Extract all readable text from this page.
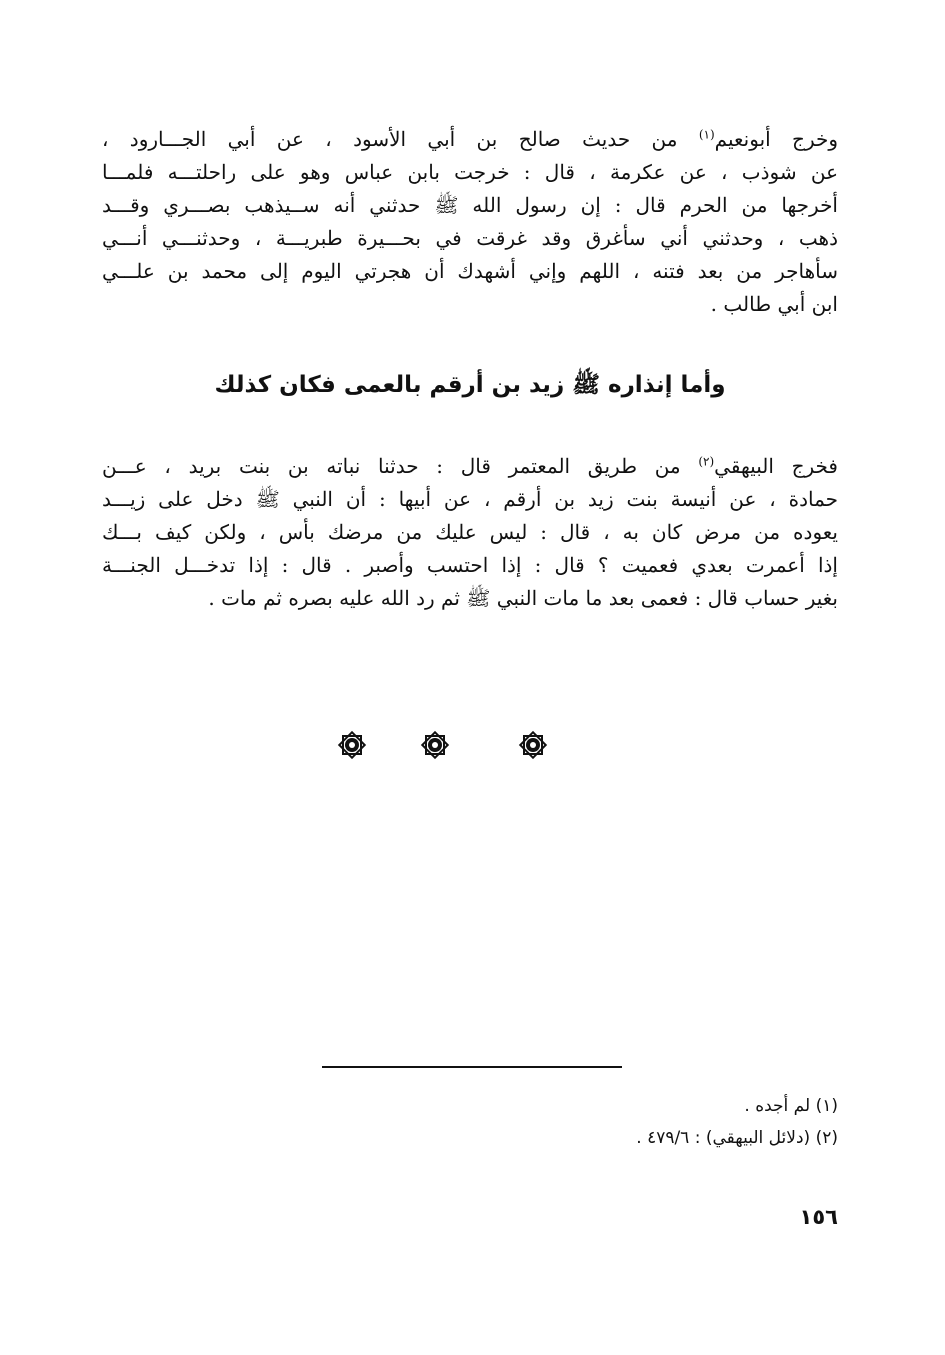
وخرج أبونعيم$^{(١)}$ من حديث صالح بن أبي الأسود ، عن أبي الجـــارود ،
عن شوذب ، عن عكرمة ، قال : خرجت بابن عباس وهو على راحلتـــه فلمـــا
أخرجها من الحرم قال : إن رسول الله ﷺ حدثني أنه ســيذهب بصـــري وقـــد
ذهب ، وحدثني أني سأغرق وقد غرقت في بحـــيرة طبريـــة ، وحدثنـــي أنـــي
سأهاجر من بعد فتنه ، اللهم وإني أشهدك أن هجرتي اليوم إلى محمد بن علـــي
ابن أبي طالب .
وأما إنذاره ﷺ زيد بن أرقم بالعمى فكان كذلك
فخرج البيهقي$^{(٢)}$ من طريق المعتمر قال : حدثنا نباته بن بنت بريد ، عـــن
حمادة ، عن أنيسة بنت زيد بن أرقم ، عن أبيها : أن النبي ﷺ دخل على زيـــد
يعوده من مرض كان به ، قال : ليس عليك من مرضك بأس ، ولكن كيف بـــك
إذا أعمرت بعدي فعميت ؟ قال : إذا احتسب وأصبر . قال : إذا تدخـــل الجنـــة
بغير حساب قال : فعمى بعد ما مات النبي ﷺ ثم رد الله عليه بصره ثم مات .
(١) لم أجده .
(٢) (دلائل البيهقي) : ٤٧٩/٦ .
١٥٦
